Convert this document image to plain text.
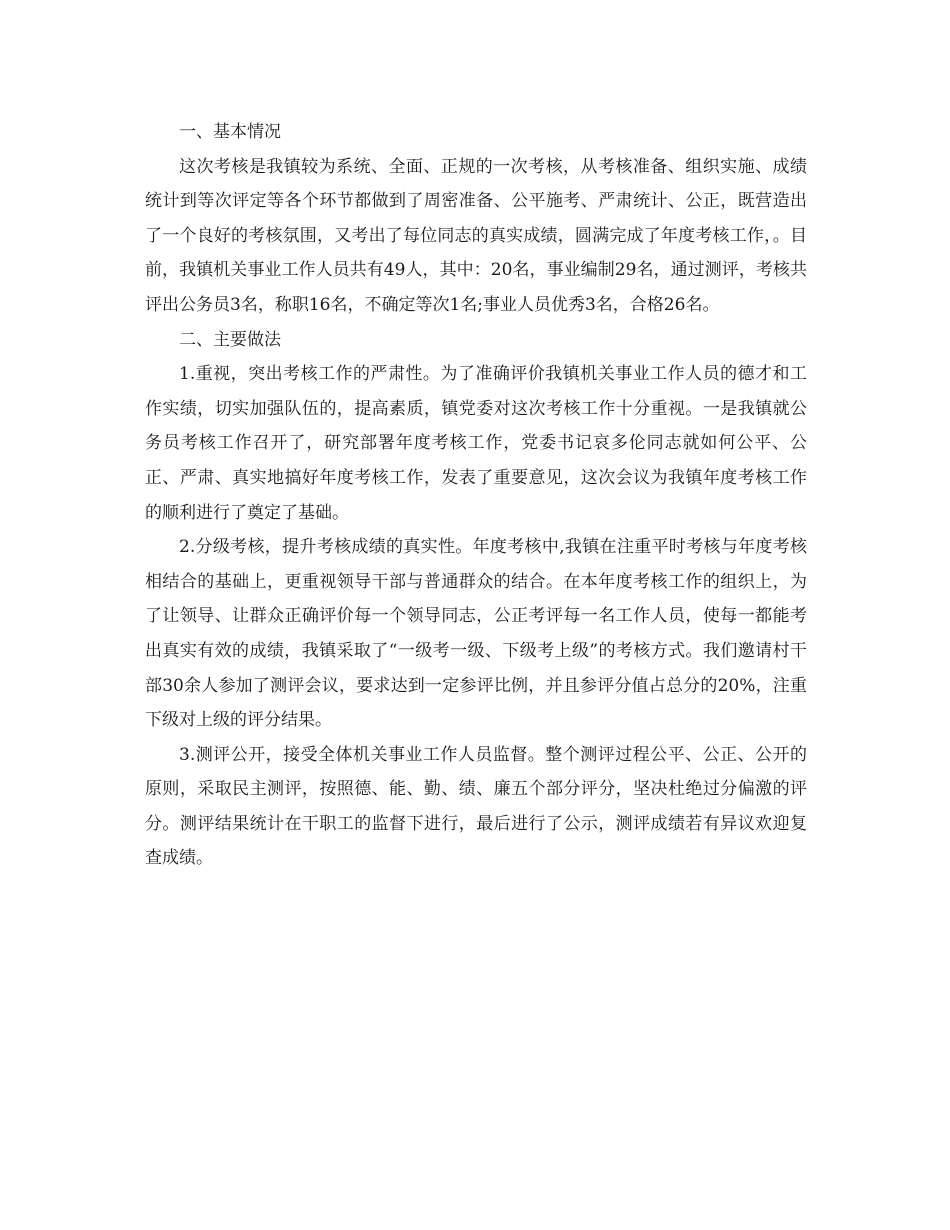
一、基本情况

这次考核是我镇较为系统、全面、正规的一次考核，从考核准备、组织实施、成绩统计到等次评定等各个环节都做到了周密准备、公平施考、严肃统计、公正，既营造出了一个良好的考核氛围，又考出了每位同志的真实成绩，圆满完成了年度考核工作，。目前，我镇机关事业工作人员共有49人，其中：20名，事业编制29名，通过测评，考核共评出公务员3名，称职16名，不确定等次1名;事业人员优秀3名，合格26名。

二、主要做法

1.重视，突出考核工作的严肃性。为了准确评价我镇机关事业工作人员的德才和工作实绩，切实加强队伍的，提高素质，镇党委对这次考核工作十分重视。一是我镇就公务员考核工作召开了，研究部署年度考核工作，党委书记哀多伦同志就如何公平、公正、严肃、真实地搞好年度考核工作，发表了重要意见，这次会议为我镇年度考核工作的顺利进行了奠定了基础。

2.分级考核，提升考核成绩的真实性。年度考核中,我镇在注重平时考核与年度考核相结合的基础上，更重视领导干部与普通群众的结合。在本年度考核工作的组织上，为了让领导、让群众正确评价每一个领导同志，公正考评每一名工作人员，使每一都能考出真实有效的成绩，我镇采取了“一级考一级、下级考上级”的考核方式。我们邀请村干部30余人参加了测评会议，要求达到一定参评比例，并且参评分值占总分的20%，注重下级对上级的评分结果。

3.测评公开，接受全体机关事业工作人员监督。整个测评过程公平、公正、公开的原则，采取民主测评，按照德、能、勤、绩、廉五个部分评分，坚决杜绝过分偏激的评分。测评结果统计在干职工的监督下进行，最后进行了公示，测评成绩若有异议欢迎复查成绩。
